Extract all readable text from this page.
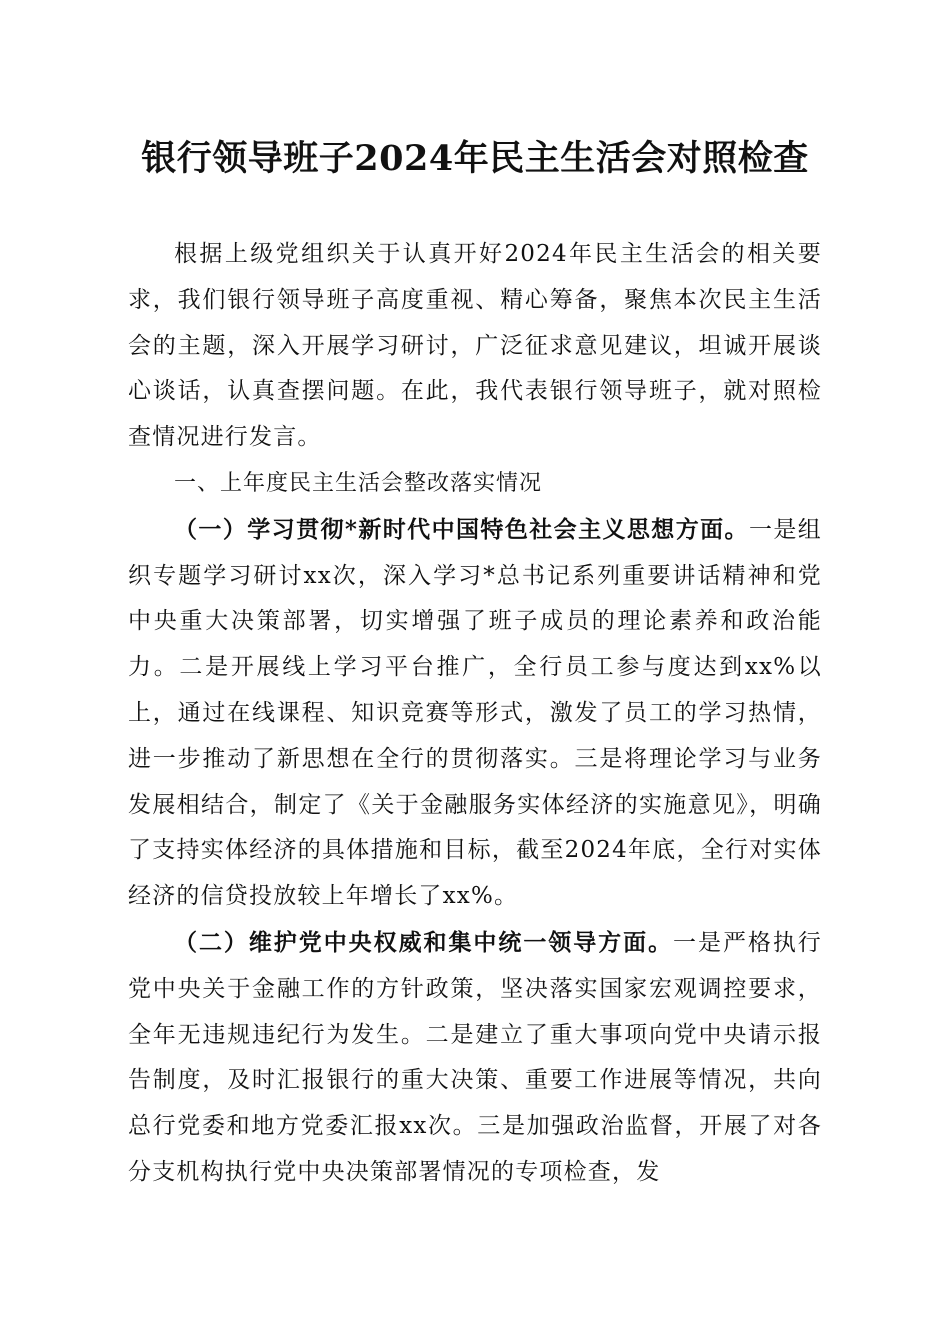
银行领导班子2024年民主生活会对照检查

根据上级党组织关于认真开好2024年民主生活会的相关要求，我们银行领导班子高度重视、精心筹备，聚焦本次民主生活会的主题，深入开展学习研讨，广泛征求意见建议，坦诚开展谈心谈话，认真查摆问题。在此，我代表银行领导班子，就对照检查情况进行发言。

一、上年度民主生活会整改落实情况

（一）学习贯彻*新时代中国特色社会主义思想方面。一是组织专题学习研讨xx次，深入学习*总书记系列重要讲话精神和党中央重大决策部署，切实增强了班子成员的理论素养和政治能力。二是开展线上学习平台推广，全行员工参与度达到xx%以上，通过在线课程、知识竞赛等形式，激发了员工的学习热情，进一步推动了新思想在全行的贯彻落实。三是将理论学习与业务发展相结合，制定了《关于金融服务实体经济的实施意见》，明确了支持实体经济的具体措施和目标，截至2024年底，全行对实体经济的信贷投放较上年增长了xx%。

（二）维护党中央权威和集中统一领导方面。一是严格执行党中央关于金融工作的方针政策，坚决落实国家宏观调控要求，全年无违规违纪行为发生。二是建立了重大事项向党中央请示报告制度，及时汇报银行的重大决策、重要工作进展等情况，共向总行党委和地方党委汇报xx次。三是加强政治监督，开展了对各分支机构执行党中央决策部署情况的专项检查，发
